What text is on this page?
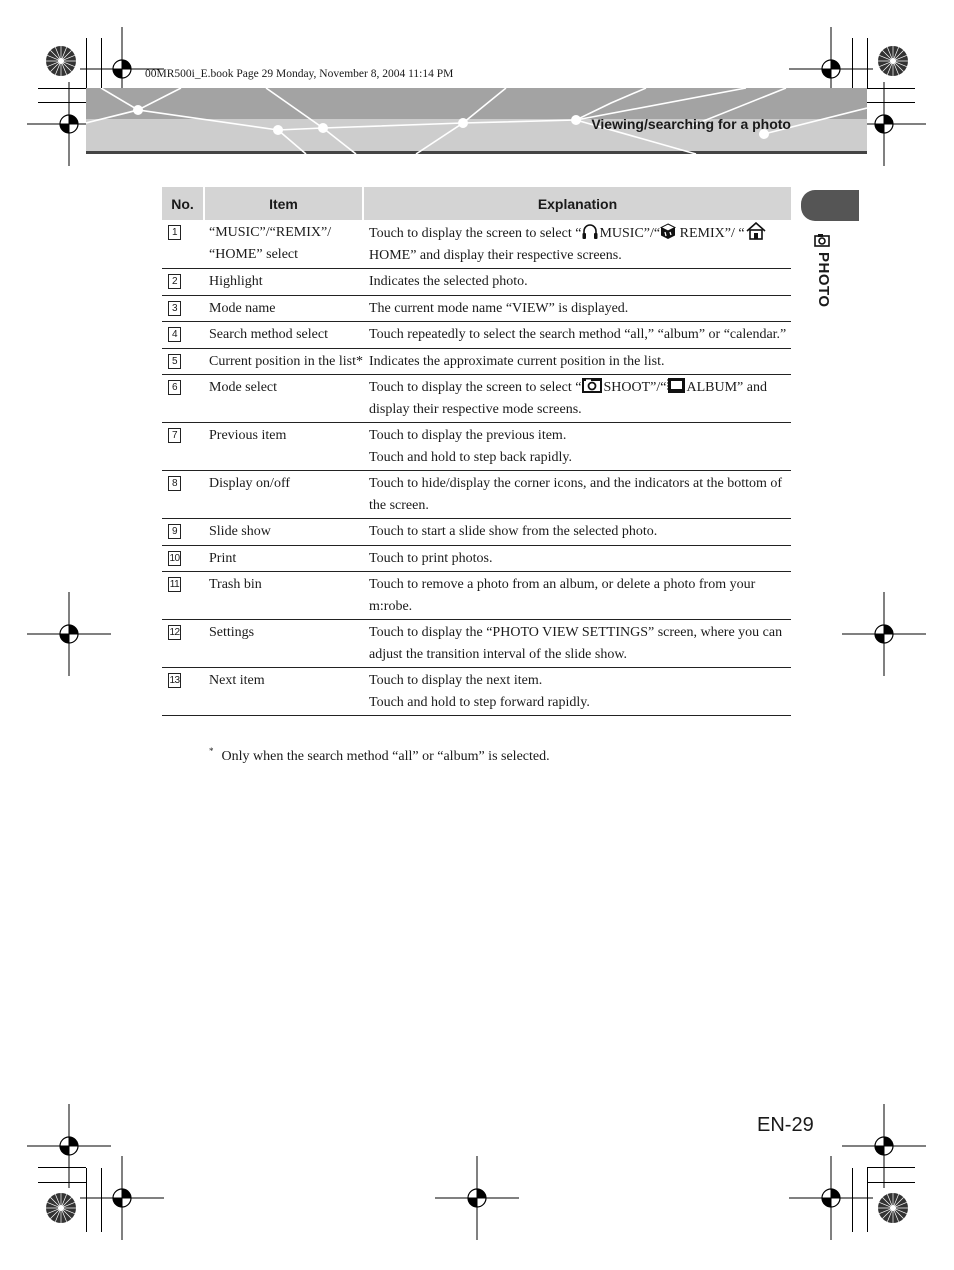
00MR500i_E.book Page 29 Monday, November 8, 2004 11:14 PM
Viewing/searching for a photo
PHOTO
No.	Item	Explanation
1	“MUSIC”/“REMIX”/ “HOME” select	Touch to display the screen to select “ MUSIC”/“ REMIX”/ “HOME” and display their respective screens.
2	Highlight	Indicates the selected photo.
3	Mode name	The current mode name “VIEW” is displayed.
4	Search method select	Touch repeatedly to select the search method “all,” “album” or “calendar.”
5	Current position in the list*	Indicates the approximate current position in the list.
6	Mode select	Touch to display the screen to select “ SHOOT”/“ ALBUM” and display their respective mode screens.
7	Previous item	Touch to display the previous item.
Touch and hold to step back rapidly.

8	Display on/off	Touch to hide/display the corner icons, and the indicators at the bottom of the screen.
9	Slide show	Touch to start a slide show from the selected photo.
10	Print	Touch to print photos.
11	Trash bin	Touch to remove a photo from an album, or delete a photo from your m:robe.
12	Settings	Touch to display the “PHOTO VIEW SETTINGS” screen, where you can adjust the transition interval of the slide show.
13	Next item	Touch to display the next item.
Touch and hold to step forward rapidly.
* Only when the search method “all” or “album” is selected.
EN-29
